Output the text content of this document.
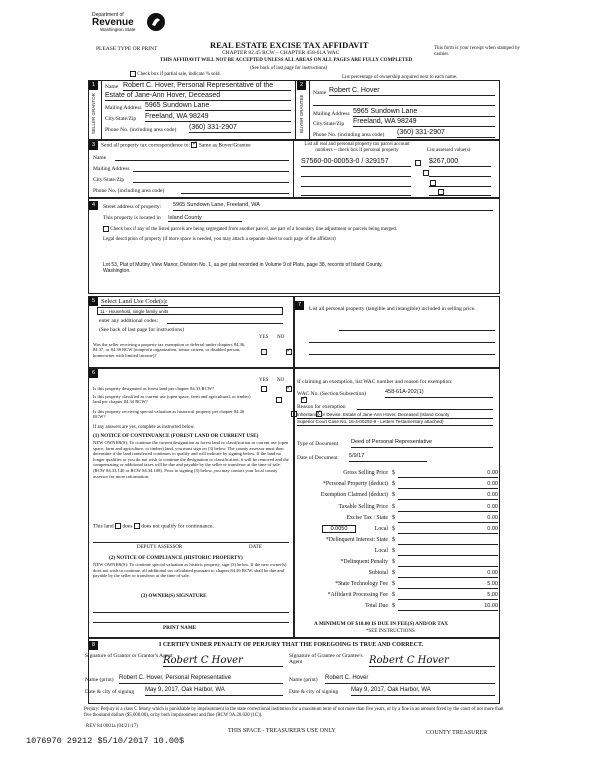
Department of
Revenue
Washington State
PLEASE TYPE OR PRINT	REAL ESTATE EXCISE TAX AFFIDAVIT
CHAPTER 82.45 RCW – CHAPTER 458-61A WAC
THIS AFFIDAVIT WILL NOT BE ACCEPTED UNLESS ALL AREAS ON ALL PAGES ARE FULLY COMPLETED
(See back of last page for instructions)
This form is your receipt when stamped by cashier.
Check box if partial sale, indicate % sold.
List percentage of ownership acquired next to each name.
1
SELLER GRANTOR
Name Robert C. Hover, Personal Representative of the
Estate of Jane-Ann Hover, Deceased
Mailing Address 5965 Sundown Lane
City/State/Zip Freeland, WA 98249
Phone No. (including area code) (360) 331-2907
2
BUYER GRANTEE
Name Robert C. Hover
Mailing Address 5965 Sundown Lane
City/State/Zip Freeland, WA 98249
Phone No. (including area code) (360) 331-2907
3	Send all property tax correspondence to: ✓ Same as Buyer/Grantee
Name
Mailing Address
City/State/Zip
Phone No. (including area code)
List all real and personal property tax parcel account numbers – check box if personal property	List assessed value(s)
S7560-00-00053-0 / 329157
	$267,000

4	Street address of property: 5965 Sundown Lane, Freeland, WA
This property is located in Island County
Check box if any of the listed parcels are being segregated from another parcel, are part of a boundary line adjustment or parcels being merged.
Legal description of property (if more space is needed, you may attach a separate sheet to each page of the affidavit)
Lot 53, Plat of Mutiny View Manor, Division No. 1, as per plat recorded in Volume 9 of Plats, page 38, records of Island County,
Washington.
5 Select Land Use Code(s):
11 - Household, single family units
enter any additional codes:
(See back of last page for instructions)
YES NO
Was the seller receiving a property tax exemption or deferral under chapters 84.36, 84.37, or 84.38 RCW (nonprofit organization, senior citizen, or disabled person, homeowner with limited income)?
✓
7
List all personal property (tangible and intangible) included in selling price.
6
YES NO
Is this property designated as forest land per chapter 84.33 RCW?
✓
Is this property classified as current use (open space, farm and agricultural, or timber) land per chapter 84.34 RCW?
✓
Is this property receiving special valuation as historical property per chapter 84.26 RCW?
✓
If any answers are yes, complete as instructed below.
(1) NOTICE OF CONTINUANCE (FOREST LAND OR CURRENT USE)
NEW OWNER(S): To continue the current designation as forest land or classification as current use (open space, farm and agriculture, or timber) land, you must sign on (3) below. The county assessor must then determine if the land transferred continues to qualify and will indicate by signing below. If the land no longer qualifies or you do not wish to continue the designation or classification, it will be removed and the compensating or additional taxes will be due and payable by the seller or transferor at the time of sale. (RCW 84.33.140 or RCW 84.34.108). Prior to signing (3) below, you may contact your local county assessor for more information.
This land does does not qualify for continuance.
DEPUTY ASSESSOR	DATE
(2) NOTICE OF COMPLIANCE (HISTORIC PROPERTY)
NEW OWNER(S): To continue special valuation as historic property, sign (3) below. If the new owner(s) does not wish to continue, all additional tax calculated pursuant to chapter 84.26 RCW, shall be due and payable by the seller or transferor at the time of sale.
(3) OWNER(S) SIGNATURE
PRINT NAME
If claiming an exemption, list WAC number and reason for exemption:
WAC No. (Section/Subsection)	458-61A-202(1)
Reason for exemption
Inheritance or Devise: Estate of Jane-Ann Hover, Deceased (Island County
Superior Court Case No. 16-4-00292-9 - Letters Testamentary attached)
Type of Document Deed of Personal Representative
Date of Document 5/9/17
Gross Selling Price $	0.00
*Personal Property (deduct) $	0.00
Exemption Claimed (deduct) $	0.00
Taxable Selling Price $	0.00
Excise Tax : State $	0.00
0.0050	Local $	0.00
*Delinquent Interest: State $
Local $
*Delinquent Penalty $
Subtotal $	0.00
*State Technology Fee $	5.00
*Affidavit Processing Fee $	5.00
Total Due $	10.00
A MINIMUM OF $10.00 IS DUE IN FEE(S) AND/OR TAX
*SEE INSTRUCTIONS
8	I CERTIFY UNDER PENALTY OF PERJURY THAT THE FOREGOING IS TRUE AND CORRECT.
Signature of Grantor or Grantor's Agent
Robert C Hover	Signature of Grantee or Grantee's Agent	Robert C Hover
Name (print) Robert C. Hover, Personal Representative	Name (print) Robert C. Hover
Date & city of signing May 9, 2017, Oak Harbor, WA	Date & city of signing May 9, 2017, Oak Harbor, WA
Perjury: Perjury is a class C felony which is punishable by imprisonment in the state correctional institution for a maximum term of not more than five years, or by a fine in an amount fixed by the court of not more than five thousand dollars ($5,000.00), or by both imprisonment and fine (RCW 9A.20.020 (1C)).
REV 84 0001a (04/21/17)
THIS SPACE - TREASURER'S USE ONLY	COUNTY TREASURER
1076970 29212 $5/10/2017 10.00$
